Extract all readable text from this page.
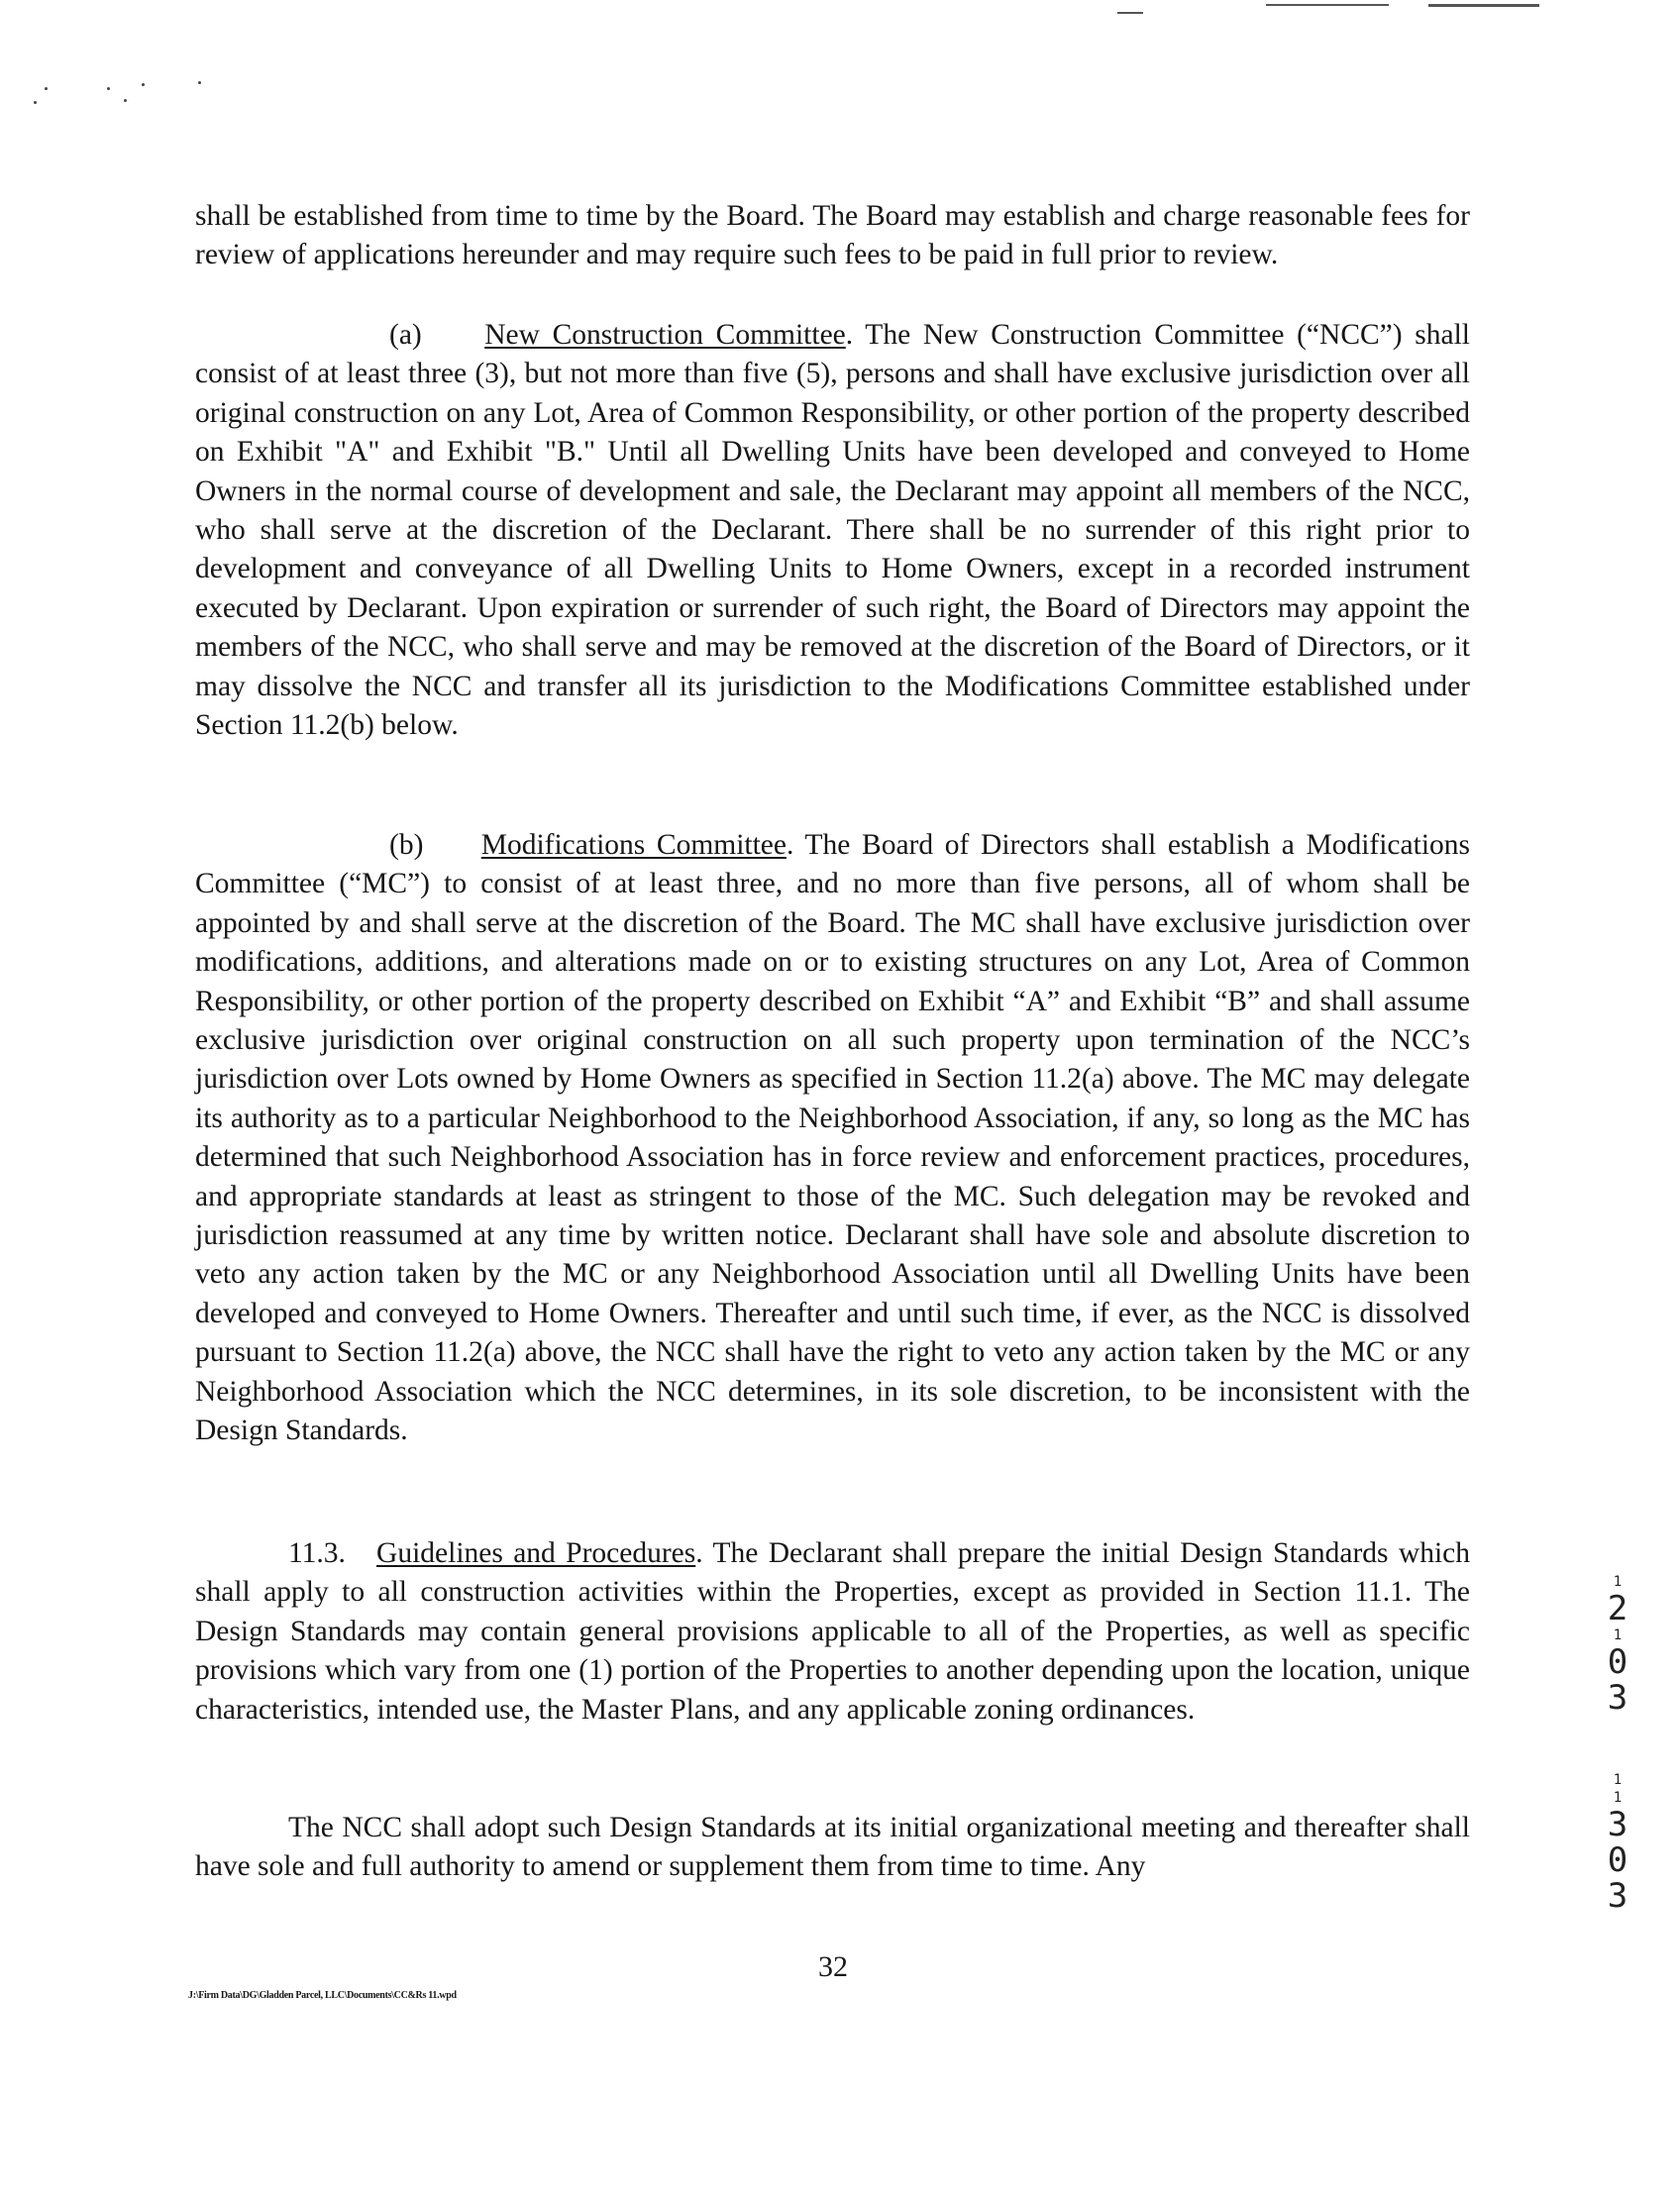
shall be established from time to time by the Board. The Board may establish and charge reasonable fees for review of applications hereunder and may require such fees to be paid in full prior to review.

(a) New Construction Committee. The New Construction Committee (“NCC”) shall consist of at least three (3), but not more than five (5), persons and shall have exclusive jurisdiction over all original construction on any Lot, Area of Common Responsibility, or other portion of the property described on Exhibit "A" and Exhibit "B." Until all Dwelling Units have been developed and conveyed to Home Owners in the normal course of development and sale, the Declarant may appoint all members of the NCC, who shall serve at the discretion of the Declarant. There shall be no surrender of this right prior to development and conveyance of all Dwelling Units to Home Owners, except in a recorded instrument executed by Declarant. Upon expiration or surrender of such right, the Board of Directors may appoint the members of the NCC, who shall serve and may be removed at the discretion of the Board of Directors, or it may dissolve the NCC and transfer all its jurisdiction to the Modifications Committee established under Section 11.2(b) below.

(b) Modifications Committee. The Board of Directors shall establish a Modifications Committee (“MC”) to consist of at least three, and no more than five persons, all of whom shall be appointed by and shall serve at the discretion of the Board. The MC shall have exclusive jurisdiction over modifications, additions, and alterations made on or to existing structures on any Lot, Area of Common Responsibility, or other portion of the property described on Exhibit “A” and Exhibit “B” and shall assume exclusive jurisdiction over original construction on all such property upon termination of the NCC’s jurisdiction over Lots owned by Home Owners as specified in Section 11.2(a) above. The MC may delegate its authority as to a particular Neighborhood to the Neighborhood Association, if any, so long as the MC has determined that such Neighborhood Association has in force review and enforcement practices, procedures, and appropriate standards at least as stringent to those of the MC. Such delegation may be revoked and jurisdiction reassumed at any time by written notice. Declarant shall have sole and absolute discretion to veto any action taken by the MC or any Neighborhood Association until all Dwelling Units have been developed and conveyed to Home Owners. Thereafter and until such time, if ever, as the NCC is dissolved pursuant to Section 11.2(a) above, the NCC shall have the right to veto any action taken by the MC or any Neighborhood Association which the NCC determines, in its sole discretion, to be inconsistent with the Design Standards.

11.3. Guidelines and Procedures. The Declarant shall prepare the initial Design Standards which shall apply to all construction activities within the Properties, except as provided in Section 11.1. The Design Standards may contain general provisions applicable to all of the Properties, as well as specific provisions which vary from one (1) portion of the Properties to another depending upon the location, unique characteristics, intended use, the Master Plans, and any applicable zoning ordinances.

The NCC shall adopt such Design Standards at its initial organizational meeting and thereafter shall have sole and full authority to amend or supplement them from time to time. Any

32
J:\Firm Data\DG\Gladden Parcel, LLC\Documents\CC&Rs 11.wpd
1
2
1
0
3
1
1
3
0
3
